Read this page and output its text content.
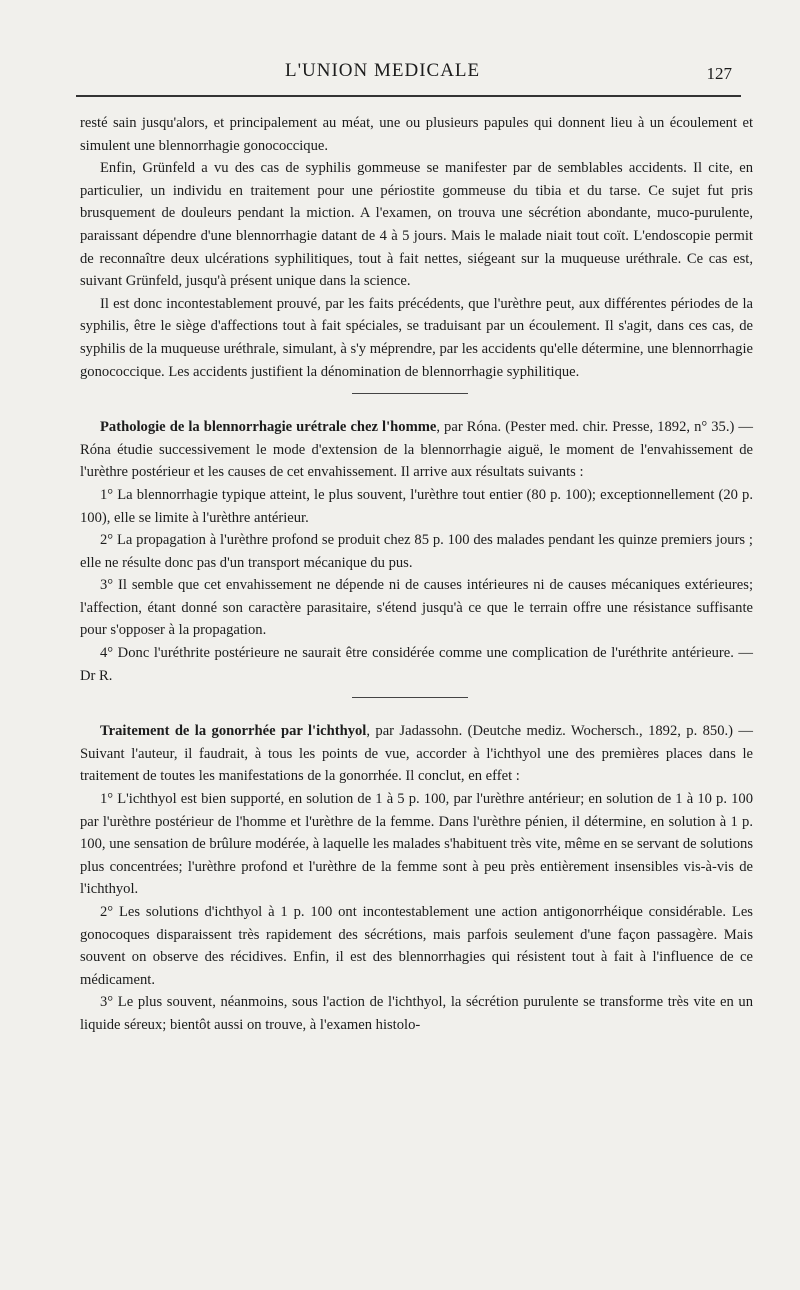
L'UNION MEDICALE	127

resté sain jusqu'alors, et principalement au méat, une ou plusieurs papules qui donnent lieu à un écoulement et simulent une blennorrhagie gonococcique.

Enfin, Grünfeld a vu des cas de syphilis gommeuse se manifester par de semblables accidents. Il cite, en particulier, un individu en traitement pour une périostite gommeuse du tibia et du tarse. Ce sujet fut pris brusquement de douleurs pendant la miction. A l'examen, on trouva une sécrétion abondante, muco-purulente, paraissant dépendre d'une blennorrhagie datant de 4 à 5 jours. Mais le malade niait tout coït. L'endoscopie permit de reconnaître deux ulcérations syphilitiques, tout à fait nettes, siégeant sur la muqueuse uréthrale. Ce cas est, suivant Grünfeld, jusqu'à présent unique dans la science.

Il est donc incontestablement prouvé, par les faits précédents, que l'urèthre peut, aux différentes périodes de la syphilis, être le siège d'affections tout à fait spéciales, se traduisant par un écoulement. Il s'agit, dans ces cas, de syphilis de la muqueuse uréthrale, simulant, à s'y méprendre, par les accidents qu'elle détermine, une blennorrhagie gonococcique. Les accidents justifient la dénomination de blennorrhagie syphilitique.

Pathologie de la blennorrhagie urétrale chez l'homme, par Róna. (Pester med. chir. Presse, 1892, n° 35.) — Róna étudie successivement le mode d'extension de la blennorrhagie aiguë, le moment de l'envahissement de l'urèthre postérieur et les causes de cet envahissement. Il arrive aux résultats suivants :

1° La blennorrhagie typique atteint, le plus souvent, l'urèthre tout entier (80 p. 100); exceptionnellement (20 p. 100), elle se limite à l'urèthre antérieur.

2° La propagation à l'urèthre profond se produit chez 85 p. 100 des malades pendant les quinze premiers jours ; elle ne résulte donc pas d'un transport mécanique du pus.

3° Il semble que cet envahissement ne dépende ni de causes intérieures ni de causes mécaniques extérieures; l'affection, étant donné son caractère parasitaire, s'étend jusqu'à ce que le terrain offre une résistance suffisante pour s'opposer à la propagation.

4° Donc l'uréthrite postérieure ne saurait être considérée comme une complication de l'uréthrite antérieure. — Dr R.

Traitement de la gonorrhée par l'ichthyol, par Jadassohn. (Deutche mediz. Wochersch., 1892, p. 850.) — Suivant l'auteur, il faudrait, à tous les points de vue, accorder à l'ichthyol une des premières places dans le traitement de toutes les manifestations de la gonorrhée. Il conclut, en effet :

1° L'ichthyol est bien supporté, en solution de 1 à 5 p. 100, par l'urèthre antérieur; en solution de 1 à 10 p. 100 par l'urèthre postérieur de l'homme et l'urèthre de la femme. Dans l'urèthre pénien, il détermine, en solution à 1 p. 100, une sensation de brûlure modérée, à laquelle les malades s'habituent très vite, même en se servant de solutions plus concentrées; l'urèthre profond et l'urèthre de la femme sont à peu près entièrement insensibles vis-à-vis de l'ichthyol.

2° Les solutions d'ichthyol à 1 p. 100 ont incontestablement une action antigonorrhéique considérable. Les gonocoques disparaissent très rapidement des sécrétions, mais parfois seulement d'une façon passagère. Mais souvent on observe des récidives. Enfin, il est des blennorrhagies qui résistent tout à fait à l'influence de ce médicament.

3° Le plus souvent, néanmoins, sous l'action de l'ichthyol, la sécrétion purulente se transforme très vite en un liquide séreux; bientôt aussi on trouve, à l'examen histolo-
